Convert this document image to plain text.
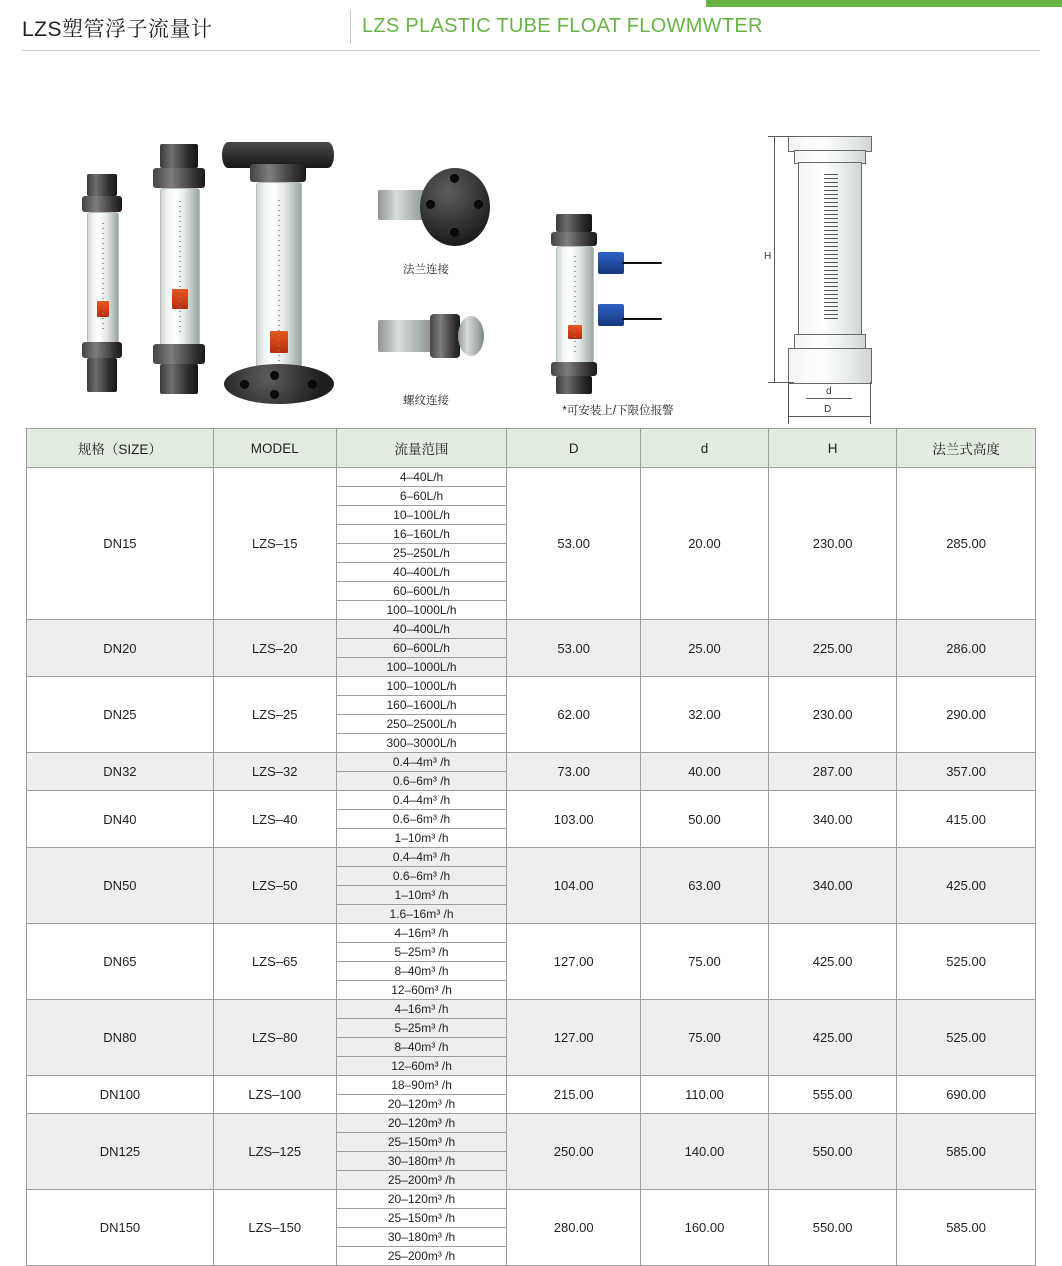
LZS塑管浮子流量计	LZS PLASTIC TUBE FLOAT FLOWMWTER
法兰连接
螺纹连接
*可安装上/下限位报警
H
d
D
规格（SIZE）	MODEL	流量范围	D	d	H	法兰式高度
DN15	LZS–15	
4–40L/h
6–60L/h
10–100L/h
16–160L/h
25–250L/h
40–400L/h
60–600L/h
100–1000L/h
	53.00	20.00	230.00	285.00
DN20	LZS–20	40–400L/h
60–600L/h
100–1000L/h	53.00	25.00	225.00	286.00
DN25	LZS–25	100–1000L/h
160–1600L/h
250–2500L/h
300–3000L/h	62.00	32.00	230.00	290.00
DN32	LZS–32	0.4–4m³ /h
0.6–6m³ /h	73.00	40.00	287.00	357.00
DN40	LZS–40	0.4–4m³ /h
0.6–6m³ /h
1–10m³ /h	103.00	50.00	340.00	415.00
DN50	LZS–50	0.4–4m³ /h
0.6–6m³ /h
1–10m³ /h
1.6–16m³ /h	104.00	63.00	340.00	425.00
DN65	LZS–65	4–16m³ /h
5–25m³ /h
8–40m³ /h
12–60m³ /h	127.00	75.00	425.00	525.00
DN80	LZS–80	4–16m³ /h
5–25m³ /h
8–40m³ /h
12–60m³ /h	127.00	75.00	425.00	525.00
DN100	LZS–100	18–90m³ /h
20–120m³ /h	215.00	110.00	555.00	690.00
DN125	LZS–125	20–120m³ /h
25–150m³ /h
30–180m³ /h
25–200m³ /h	250.00	140.00	550.00	585.00
DN150	LZS–150	20–120m³ /h
25–150m³ /h
30–180m³ /h
25–200m³ /h	280.00	160.00	550.00	585.00
